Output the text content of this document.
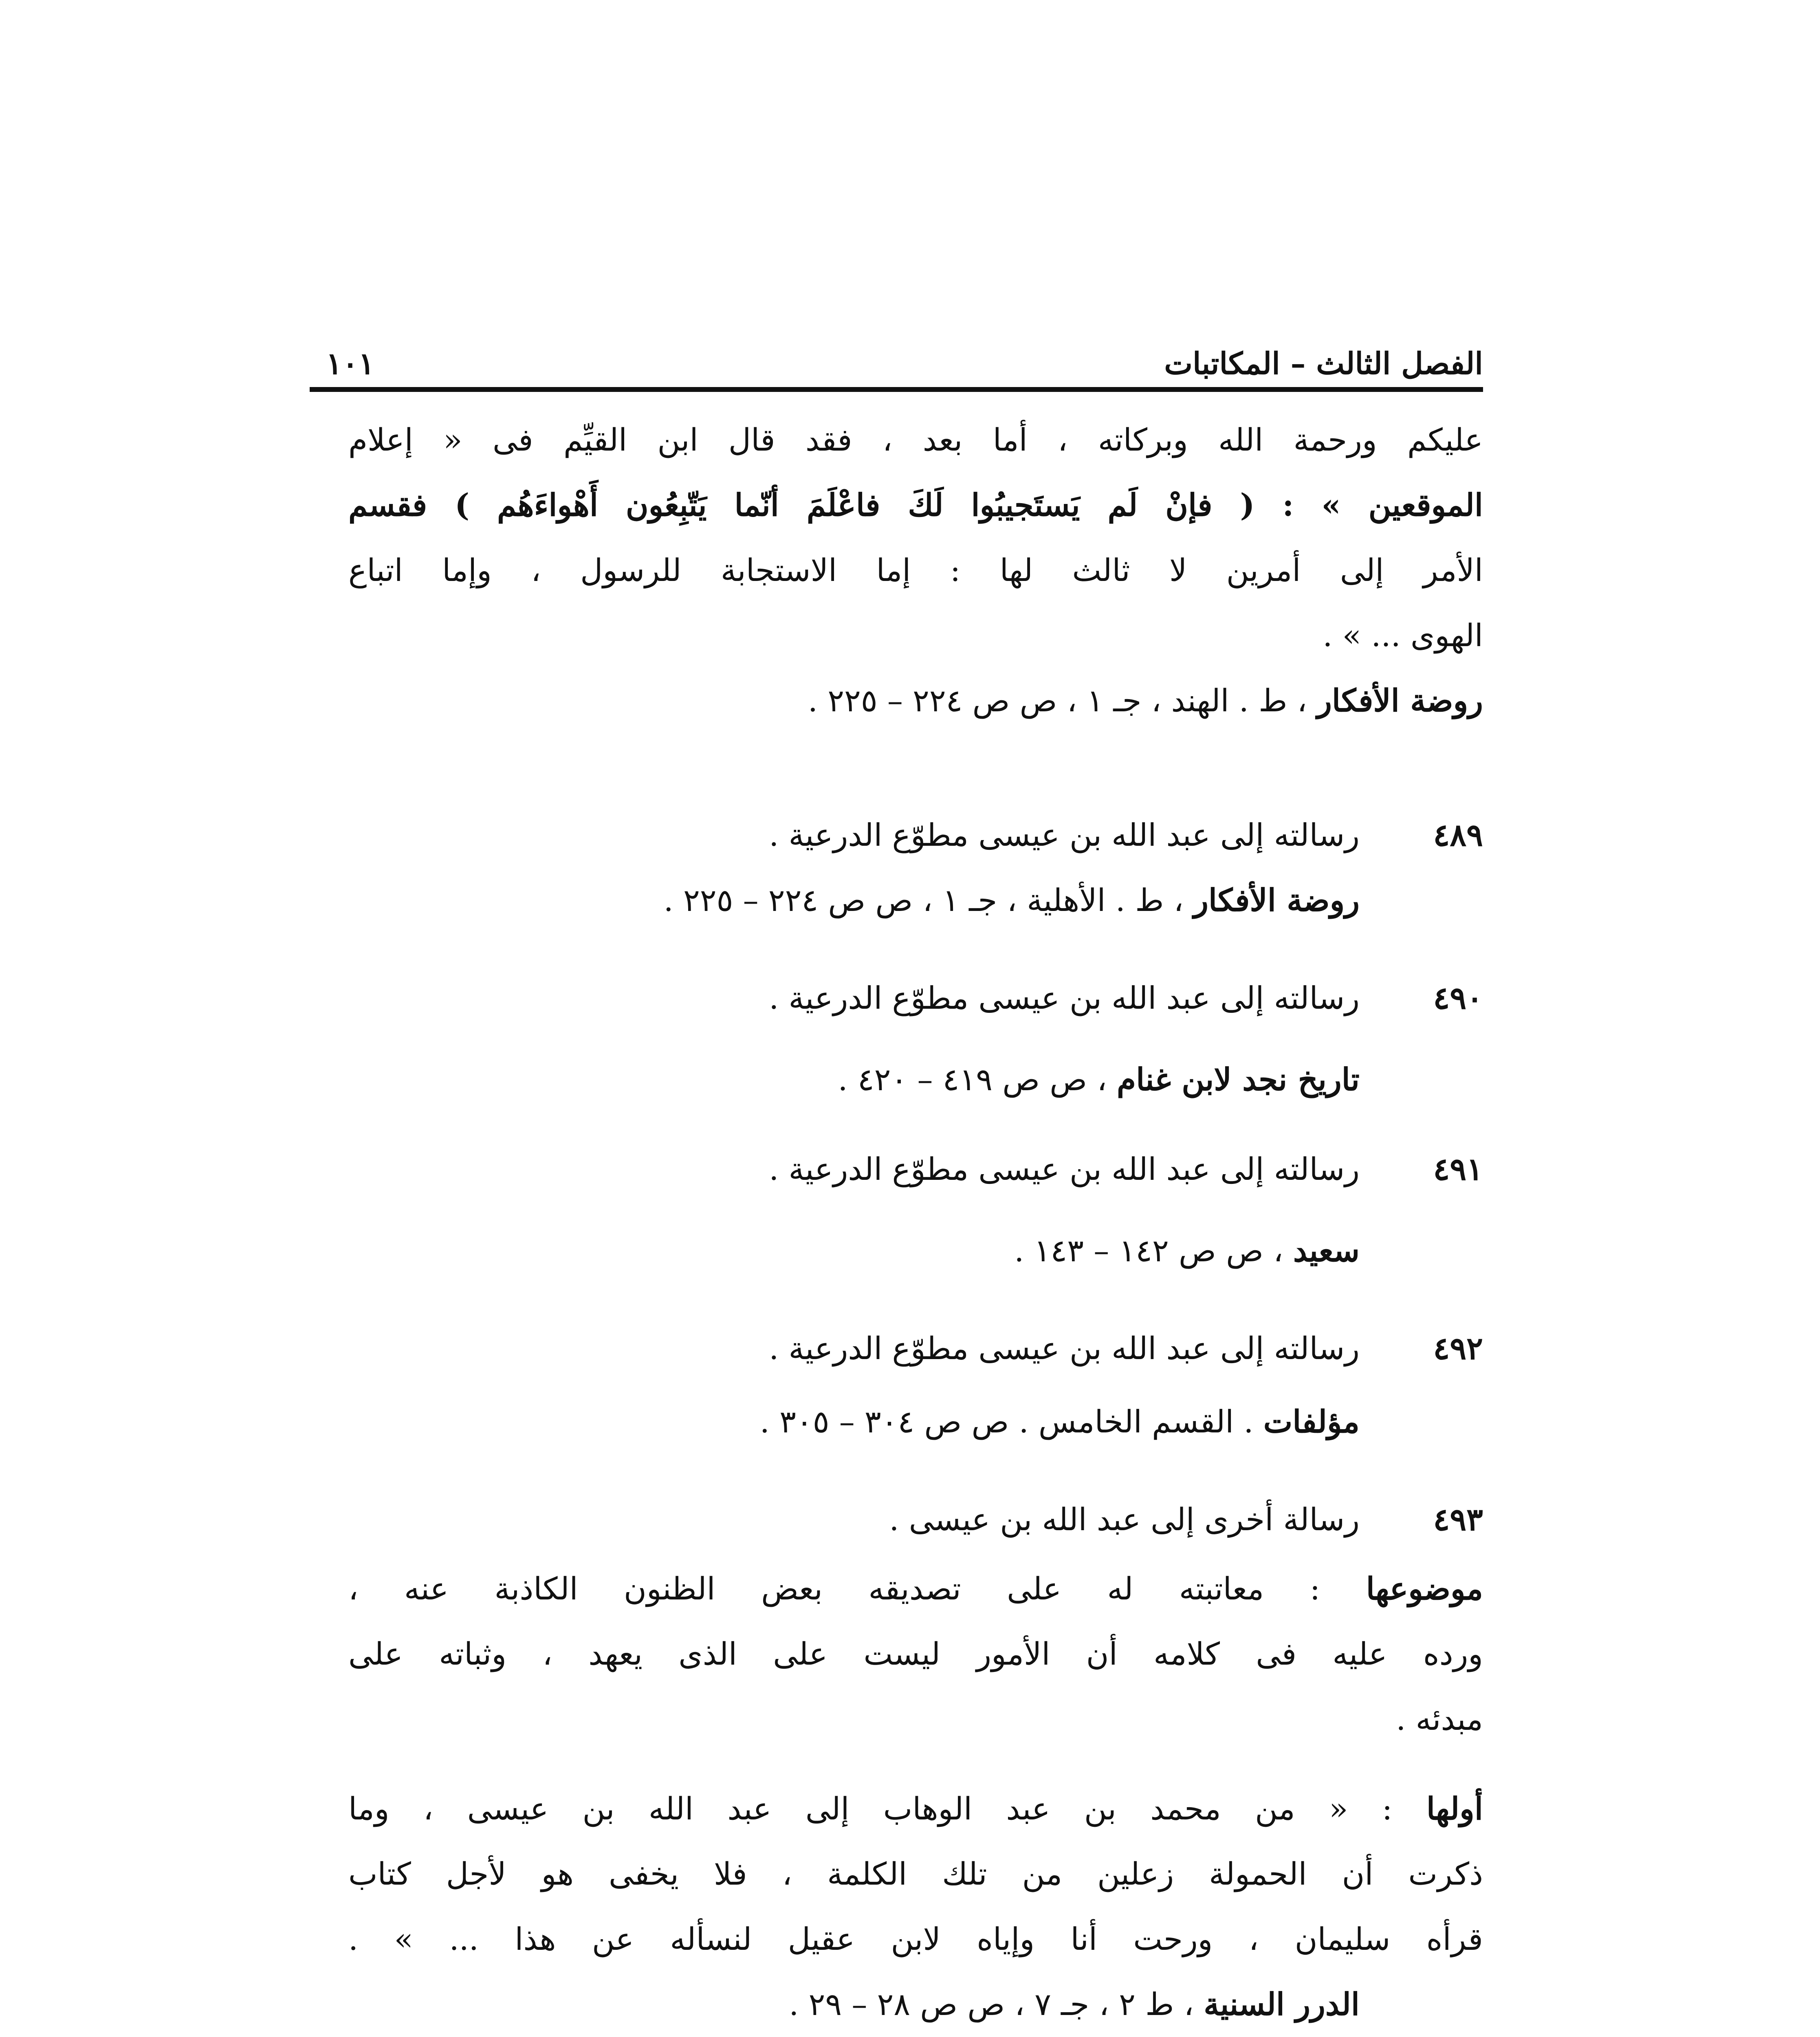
الفصل الثالث – المكاتبات
١٠١
عليكم ورحمة الله وبركاته ، أما بعد ، فقد قال ابن القيِّم فى « إعلام
الموقعين » : ( فإنْ لَم يَستَجيبُوا لَكَ فاعْلَمَ أنّما يَتّبِعُون أَهْواءَهُم ) فقسم
الأمر إلى أمرين لا ثالث لها : إما الاستجابة للرسول ، وإما اتباع
الهوى ... » .
روضة الأفكار ، ط . الهند ، جـ ١ ، ص ص ٢٢٤ – ٢٢٥ .
٤٨٩
رسالته إلى عبد الله بن عيسى مطوّع الدرعية .
روضة الأفكار ، ط . الأهلية ، جـ ١ ، ص ص ٢٢٤ – ٢٢٥ .
٤٩٠
رسالته إلى عبد الله بن عيسى مطوّع الدرعية .
تاريخ نجد لابن غنام ، ص ص ٤١٩ – ٤٢٠ .
٤٩١
رسالته إلى عبد الله بن عيسى مطوّع الدرعية .
سعيد ، ص ص ١٤٢ – ١٤٣ .
٤٩٢
رسالته إلى عبد الله بن عيسى مطوّع الدرعية .
مؤلفات . القسم الخامس . ص ص ٣٠٤ – ٣٠٥ .
٤٩٣
رسالة أخرى إلى عبد الله بن عيسى .
موضوعها : معاتبته له على تصديقه بعض الظنون الكاذبة عنه ،
ورده عليه فى كلامه أن الأمور ليست على الذى يعهد ، وثباته على
مبدئه .
أولها : « من محمد بن عبد الوهاب إلى عبد الله بن عيسى ، وما
ذكرت أن الحمولة زعلين من تلك الكلمة ، فلا يخفى هو لأجل كتاب
قرأه سليمان ، ورحت أنا وإياه لابن عقيل لنسأله عن هذا ... » .
الدرر السنية ، ط ٢ ، جـ ٧ ، ص ص ٢٨ – ٢٩ .
